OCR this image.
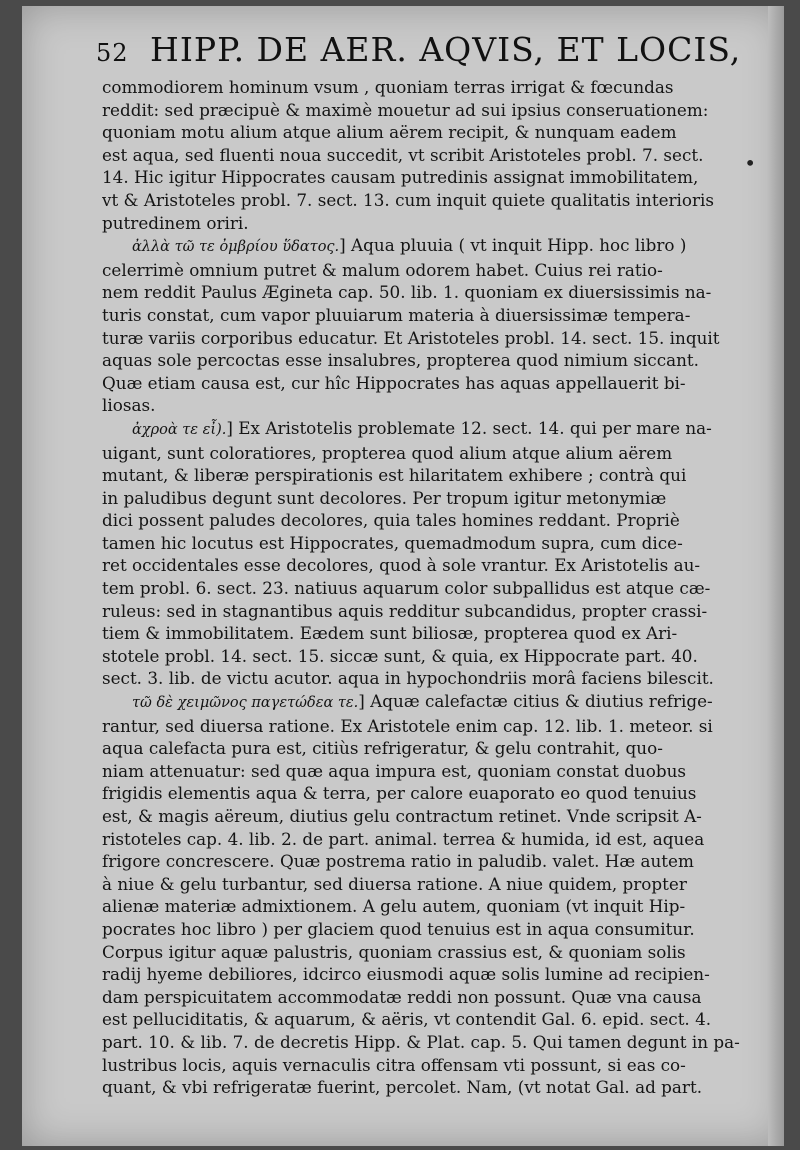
52 HIPP. DE AER. AQVIS, ET LOCIS,
•
commodiorem hominum vsum , quoniam terras irrigat & fœcundas
reddit: sed præcipuè & maximè mouetur ad sui ipsius conseruationem:
quoniam motu alium atque alium aërem recipit, & nunquam eadem
est aqua, sed fluenti noua succedit, vt scribit Aristoteles probl. 7. sect.
14. Hic igitur Hippocrates causam putredinis assignat immobilitatem,
vt & Aristoteles probl. 7. sect. 13. cum inquit quiete qualitatis interioris
putredinem oriri.
ἀλλὰ τῶ τε ὀμβρίου ὕδατος.] Aqua pluuia ( vt inquit Hipp. hoc libro )
celerrimè omnium putret & malum odorem habet. Cuius rei ratio-
nem reddit Paulus Æginetа cap. 50. lib. 1. quoniam ex diuersissimis na-
turis constat, cum vapor pluuiarum materia à diuersissimæ tempera-
turæ variis corporibus educatur. Et Aristoteles probl. 14. sect. 15. inquit
aquas sole percoctas esse insalubres, propterea quod nimium siccant.
Quæ etiam causa est, cur hîc Hippocrates has aquas appellauerit bi-
liosas.
ἀχροὰ τε εἶ).] Ex Aristotelis problemate 12. sect. 14. qui per mare na-
uigant, sunt coloratiores, propterea quod alium atque alium aërem
mutant, & liberæ perspirationis est hilaritatem exhibere ; contrà qui
in paludibus degunt sunt decolores. Per tropum igitur metonymiæ
dici possent paludes decolores, quia tales homines reddant. Propriè
tamen hic locutus est Hippocrates, quemadmodum supra, cum dice-
ret occidentales esse decolores, quod à sole vrantur. Ex Aristotelis au-
tem probl. 6. sect. 23. natiuus aquarum color subpallidus est atque cæ-
ruleus: sed in stagnantibus aquis redditur subcandidus, propter crassi-
tiem & immobilitatem. Eædem sunt biliosæ, propterea quod ex Ari-
stotele probl. 14. sect. 15. siccæ sunt, & quia, ex Hippocrate part. 40.
sect. 3. lib. de victu acutor. aqua in hypochondriis morâ faciens bilescit.
τῶ δὲ χειμῶνος παγετώδεα τε.] Aquæ calefactæ citius & diutius refrige-
rantur, sed diuersa ratione. Ex Aristotele enim cap. 12. lib. 1. meteor. si
aqua calefacta pura est, citiùs refrigeratur, & gelu contrahit, quo-
niam attenuatur: sed quæ aqua impura est, quoniam constat duobus
frigidis elementis aqua & terra, per calore euaporato eo quod tenuius
est, & magis aëreum, diutius gelu contractum retinet. Vnde scripsit A-
ristoteles cap. 4. lib. 2. de part. animal. terrea & humida, id est, aquea
frigore concrescere. Quæ postrema ratio in paludib. valet. Hæ autem
à niue & gelu turbantur, sed diuersa ratione. A niue quidem, propter
alienæ materiæ admixtionem. A gelu autem, quoniam (vt inquit Hip-
pocrates hoc libro ) per glaciem quod tenuius est in aqua consumitur.
Corpus igitur aquæ palustris, quoniam crassius est, & quoniam solis
radij hyeme debiliores, idcirco eiusmodi aquæ solis lumine ad recipien-
dam perspicuitatem accommodatæ reddi non possunt. Quæ vna causa
est pelluciditatis, & aquarum, & aëris, vt contendit Gal. 6. epid. sect. 4.
part. 10. & lib. 7. de decretis Hipp. & Plat. cap. 5. Qui tamen degunt in pa-
lustribus locis, aquis vernaculis citra offensam vti possunt, si eas co-
quant, & vbi refrigeratæ fuerint, percolet. Nam, (vt notat Gal. ad part.
